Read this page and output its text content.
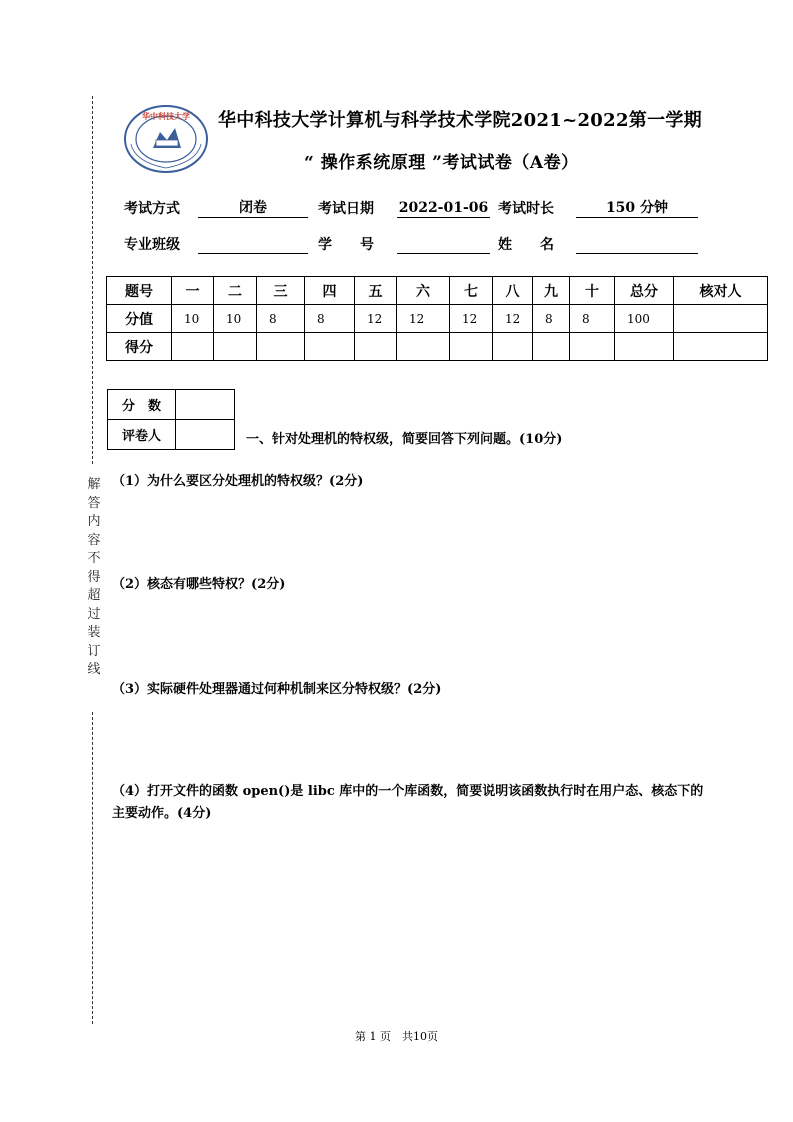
解答内容不得超过装订线
华中科技大学 华中科技大学计算机与科学技术学院2021~2022第一学期
“ 操作系统原理 ”考试试卷（A卷）
考试方式	闭卷	考试日期 2022-01-06 考试时长	150 分钟
专业班级	学　　号	姓　　名
题号	一	二	三	四	五	六	七	八	九	十	总分	核对人
分值	10	10	8	8	12	12	12	12	8	8	100	
得分												
分　数	
评卷人		一、针对处理机的特权级，简要回答下列问题。(10分)
（1）为什么要区分处理机的特权级？(2分)
（2）核态有哪些特权？(2分)
（3）实际硬件处理器通过何种机制来区分特权级？(2分)
（4）打开文件的函数 open()是 libc 库中的一个库函数，简要说明该函数执行时在用户态、核态下的主要动作。(4分)
第 1 页　共10页
